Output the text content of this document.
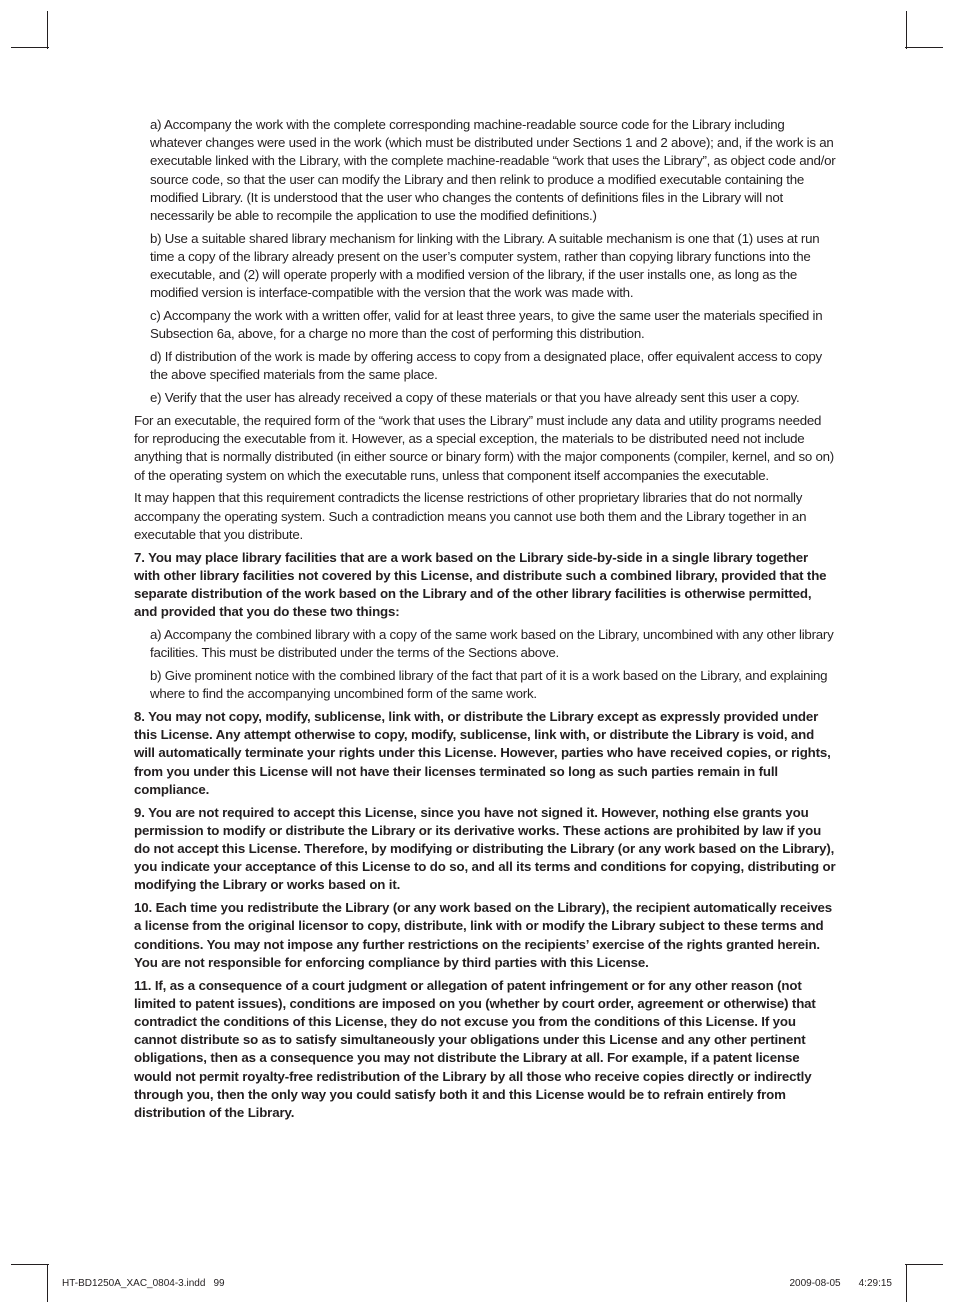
a) Accompany the work with the complete corresponding machine-readable source code for the Library including whatever changes were used in the work (which must be distributed under Sections 1 and 2 above); and, if the work is an executable linked with the Library, with the complete machine-readable “work that uses the Library”, as object code and/or source code, so that the user can modify the Library and then relink to produce a modified executable containing the modified Library. (It is understood that the user who changes the contents of definitions files in the Library will not necessarily be able to recompile the application to use the modified definitions.)

b) Use a suitable shared library mechanism for linking with the Library. A suitable mechanism is one that (1) uses at run time a copy of the library already present on the user’s computer system, rather than copying library functions into the executable, and (2) will operate properly with a modified version of the library, if the user installs one, as long as the modified version is interface-compatible with the version that the work was made with.

c) Accompany the work with a written offer, valid for at least three years, to give the same user the materials specified in Subsection 6a, above, for a charge no more than the cost of performing this distribution.

d) If distribution of the work is made by offering access to copy from a designated place, offer equivalent access to copy the above specified materials from the same place.

e) Verify that the user has already received a copy of these materials or that you have already sent this user a copy.

For an executable, the required form of the “work that uses the Library” must include any data and utility programs needed for reproducing the executable from it. However, as a special exception, the materials to be distributed need not include anything that is normally distributed (in either source or binary form) with the major components (compiler, kernel, and so on) of the operating system on which the executable runs, unless that component itself accompanies the executable.

It may happen that this requirement contradicts the license restrictions of other proprietary libraries that do not normally accompany the operating system. Such a contradiction means you cannot use both them and the Library together in an executable that you distribute.

7. You may place library facilities that are a work based on the Library side-by-side in a single library together with other library facilities not covered by this License, and distribute such a combined library, provided that the separate distribution of the work based on the Library and of the other library facilities is otherwise permitted, and provided that you do these two things:

a) Accompany the combined library with a copy of the same work based on the Library, uncombined with any other library facilities. This must be distributed under the terms of the Sections above.

b) Give prominent notice with the combined library of the fact that part of it is a work based on the Library, and explaining where to find the accompanying uncombined form of the same work.

8. You may not copy, modify, sublicense, link with, or distribute the Library except as expressly provided under this License. Any attempt otherwise to copy, modify, sublicense, link with, or distribute the Library is void, and will automatically terminate your rights under this License. However, parties who have received copies, or rights, from you under this License will not have their licenses terminated so long as such parties remain in full compliance.

9. You are not required to accept this License, since you have not signed it. However, nothing else grants you permission to modify or distribute the Library or its derivative works. These actions are prohibited by law if you do not accept this License. Therefore, by modifying or distributing the Library (or any work based on the Library), you indicate your acceptance of this License to do so, and all its terms and conditions for copying, distributing or modifying the Library or works based on it.

10. Each time you redistribute the Library (or any work based on the Library), the recipient automatically receives a license from the original licensor to copy, distribute, link with or modify the Library subject to these terms and conditions. You may not impose any further restrictions on the recipients’ exercise of the rights granted herein. You are not responsible for enforcing compliance by third parties with this License.

11. If, as a consequence of a court judgment or allegation of patent infringement or for any other reason (not limited to patent issues), conditions are imposed on you (whether by court order, agreement or otherwise) that contradict the conditions of this License, they do not excuse you from the conditions of this License. If you cannot distribute so as to satisfy simultaneously your obligations under this License and any other pertinent obligations, then as a consequence you may not distribute the Library at all. For example, if a patent license would not permit royalty-free redistribution of the Library by all those who receive copies directly or indirectly through you, then the only way you could satisfy both it and this License would be to refrain entirely from distribution of the Library.

HT-BD1250A_XAC_0804-3.indd 99	2009-08-05 4:29:15
